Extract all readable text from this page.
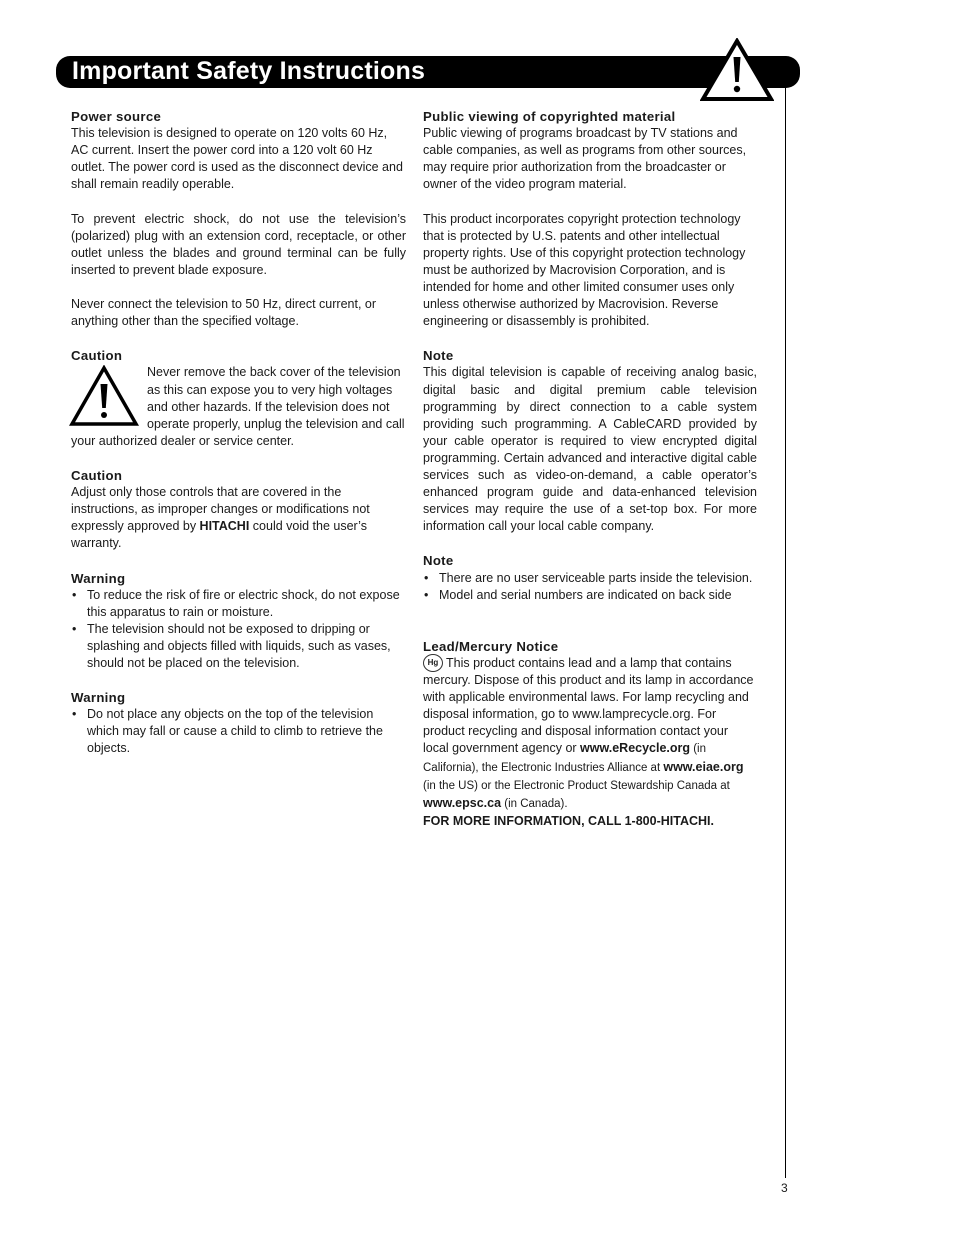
Important Safety Instructions
Power source

This television is designed to operate on 120 volts 60 Hz, AC current. Insert the power cord into a 120 volt 60 Hz outlet. The power cord is used as the disconnect device and shall remain readily operable.

To prevent electric shock, do not use the television’s (polarized) plug with an extension cord, receptacle, or other outlet unless the blades and ground terminal can be fully inserted to prevent blade exposure.

Never connect the television to 50 Hz, direct current, or anything other than the specified voltage.

Caution

Never remove the back cover of the television as this can expose you to very high voltages and other hazards. If the television does not operate properly, unplug the television and call your authorized dealer or service center.

Caution

Adjust only those controls that are covered in the instructions, as improper changes or modifications not expressly approved by HITACHI could void the user’s warranty.

Warning
• To reduce the risk of fire or electric shock, do not expose this apparatus to rain or moisture.
• The television should not be exposed to dripping or splashing and objects filled with liquids, such as vases, should not be placed on the television.
Warning
• Do not place any objects on the top of the television which may fall or cause a child to climb to retrieve the objects.
Public viewing of copyrighted material

Public viewing of programs broadcast by TV stations and cable companies, as well as programs from other sources, may require prior authorization from the broadcaster or owner of the video program material.

This product incorporates copyright protection technology that is protected by U.S. patents and other intellectual property rights. Use of this copyright protection technology must be authorized by Macrovision Corporation, and is intended for home and other limited consumer uses only unless otherwise authorized by Macrovision. Reverse engineering or disassembly is prohibited.

Note

This digital television is capable of receiving analog basic, digital basic and digital premium cable television programming by direct connection to a cable system providing such programming. A CableCARD provided by your cable operator is required to view encrypted digital programming. Certain advanced and interactive digital cable services such as video-on-demand, a cable operator’s enhanced program guide and data-enhanced television services may require the use of a set-top box. For more information call your local cable company.

Note
• There are no user serviceable parts inside the television.
• Model and serial numbers are indicated on back side
Lead/Mercury Notice

Hg This product contains lead and a lamp that contains mercury. Dispose of this product and its lamp in accordance with applicable environmental laws. For lamp recycling and disposal information, go to www.lamprecycle.org. For product recycling and disposal information contact your local government agency or www.eRecycle.org (in California), the Electronic Industries Alliance at www.eiae.org (in the US) or the Electronic Product Stewardship Canada at www.epsc.ca (in Canada).

FOR MORE INFORMATION, CALL 1-800-HITACHI.

3
